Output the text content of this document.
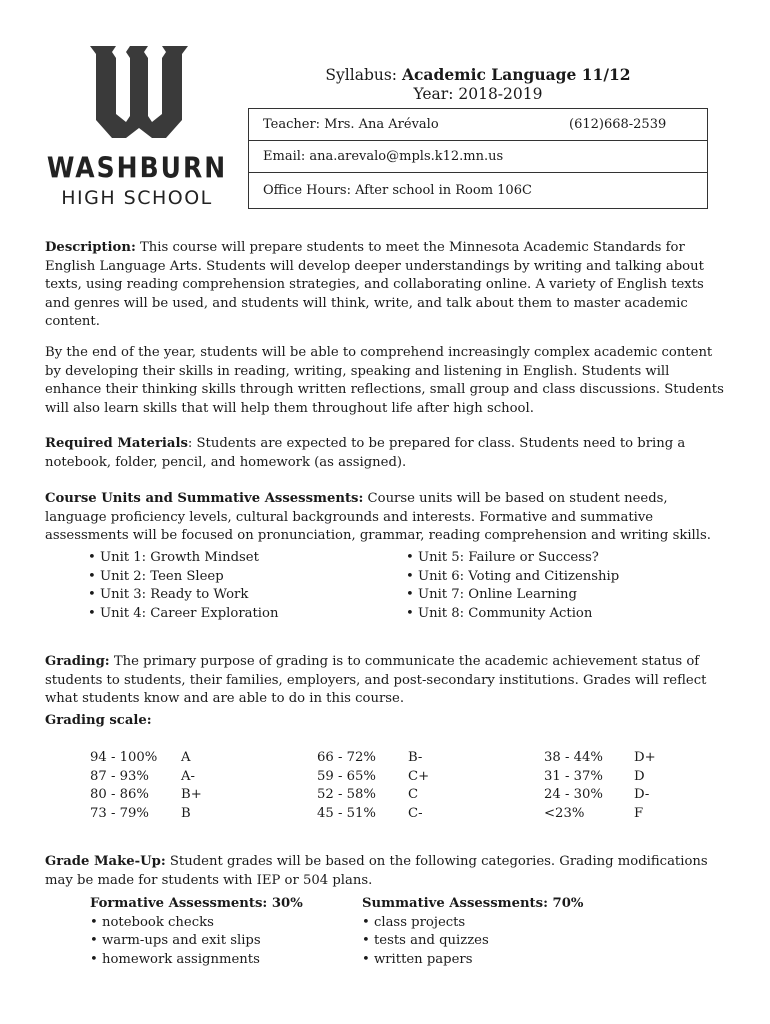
WASHBURN
HIGH SCHOOL
Syllabus: Academic Language 11/12
Year: 2018-2019
Teacher: Mrs. Ana Arévalo	(612)668-2539
Email: ana.arevalo@mpls.k12.mn.us
Office Hours: After school in Room 106C

Description: This course will prepare students to meet the Minnesota Academic Standards for English Language Arts. Students will develop deeper understandings by writing and talking about texts, using reading comprehension strategies, and collaborating online. A variety of English texts and genres will be used, and students will think, write, and talk about them to master academic content.

By the end of the year, students will be able to comprehend increasingly complex academic content by developing their skills in reading, writing, speaking and listening in English. Students will enhance their thinking skills through written reflections, small group and class discussions. Students will also learn skills that will help them throughout life after high school.

Required Materials: Students are expected to be prepared for class. Students need to bring a notebook, folder, pencil, and homework (as assigned).

Course Units and Summative Assessments: Course units will be based on student needs, language proficiency levels, cultural backgrounds and interests. Formative and summative assessments will be focused on pronunciation, grammar, reading comprehension and writing skills.

• Unit 1: Growth Mindset
• Unit 2: Teen Sleep
• Unit 3: Ready to Work
• Unit 4: Career Exploration
• Unit 5: Failure or Success?
• Unit 6: Voting and Citizenship
• Unit 7: Online Learning
• Unit 8: Community Action

Grading: The primary purpose of grading is to communicate the academic achievement status of students to students, their families, employers, and post-secondary institutions. Grades will reflect what students know and are able to do in this course.

Grading scale:
94 - 100% A
87 - 93% A-
80 - 86% B+
73 - 79% B
66 - 72% B-
59 - 65% C+
52 - 58% C
45 - 51% C-
38 - 44% D+
31 - 37% D
24 - 30% D-
<23%	F

Grade Make-Up: Student grades will be based on the following categories. Grading modifications may be made for students with IEP or 504 plans.

Formative Assessments: 30%
• notebook checks
• warm-ups and exit slips
• homework assignments
Summative Assessments: 70%
• class projects
• tests and quizzes
• written papers
